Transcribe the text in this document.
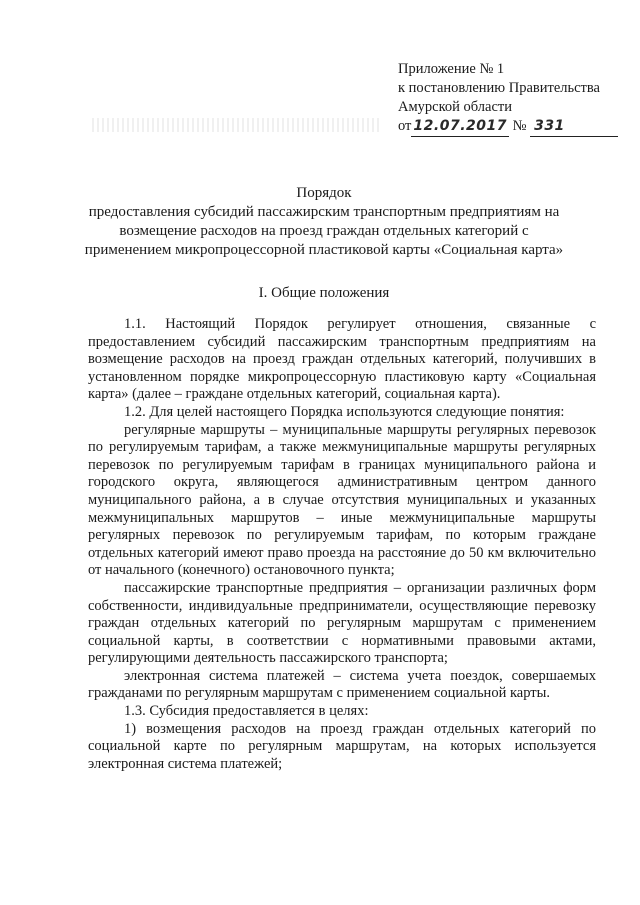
Приложение № 1
к постановлению Правительства
Амурской области
от 12.07.2017 № 331
Порядок
предоставления субсидий пассажирским транспортным предприятиям на
возмещение расходов на проезд граждан отдельных категорий с
применением микропроцессорной пластиковой карты «Социальная карта»
I. Общие положения

1.1. Настоящий Порядок регулирует отношения, связанные с предоставлением субсидий пассажирским транспортным предприятиям на возмещение расходов на проезд граждан отдельных категорий, получивших в установленном порядке микропроцессорную пластиковую карту «Социальная карта» (далее – граждане отдельных категорий, социальная карта).

1.2. Для целей настоящего Порядка используются следующие понятия:

регулярные маршруты – муниципальные маршруты регулярных перевозок по регулируемым тарифам, а также межмуниципальные маршруты регулярных перевозок по регулируемым тарифам в границах муниципального района и городского округа, являющегося административным центром данного муниципального района, а в случае отсутствия муниципальных и указанных межмуниципальных маршрутов – иные межмуниципальные маршруты регулярных перевозок по регулируемым тарифам, по которым граждане отдельных категорий имеют право проезда на расстояние до 50 км включительно от начального (конечного) остановочного пункта;

пассажирские транспортные предприятия – организации различных форм собственности, индивидуальные предприниматели, осуществляющие перевозку граждан отдельных категорий по регулярным маршрутам с применением социальной карты, в соответствии с нормативными правовыми актами, регулирующими деятельность пассажирского транспорта;

электронная система платежей – система учета поездок, совершаемых гражданами по регулярным маршрутам с применением социальной карты.

1.3. Субсидия предоставляется в целях:

1) возмещения расходов на проезд граждан отдельных категорий по социальной карте по регулярным маршрутам, на которых используется электронная система платежей;
